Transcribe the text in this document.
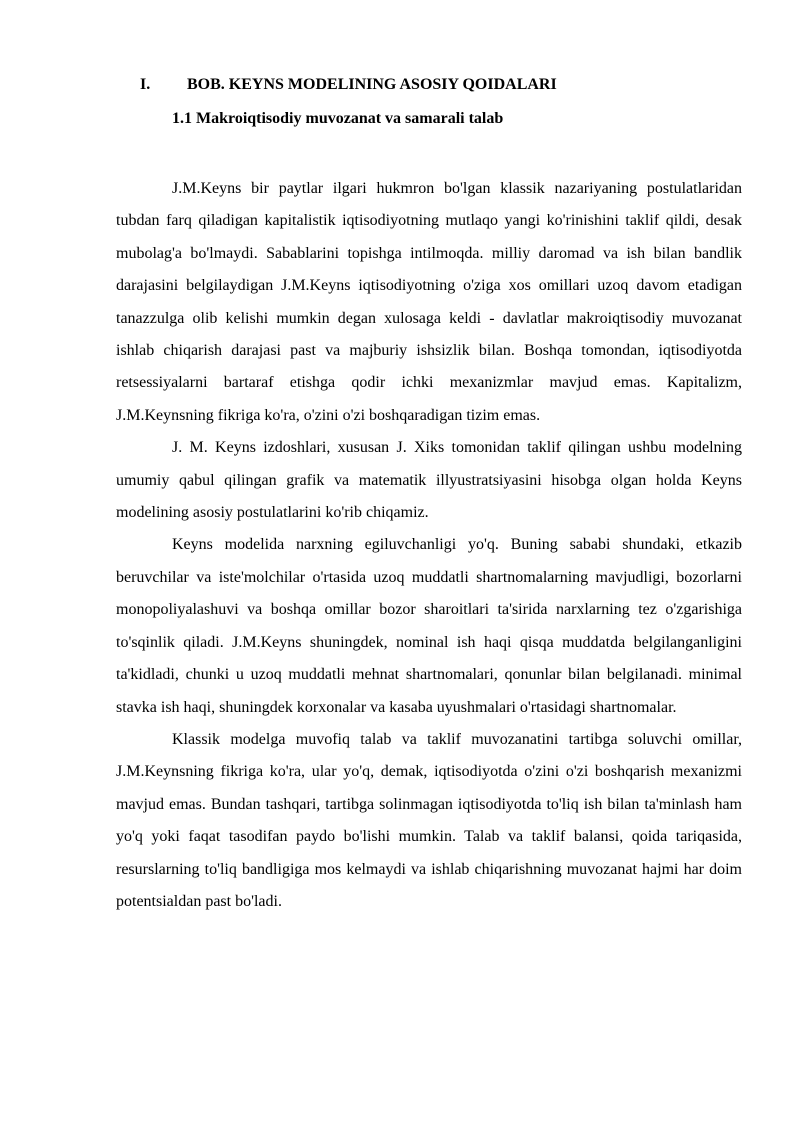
I. BOB. KEYNS MODELINING ASOSIY QOIDALARI
1.1 Makroiqtisodiy muvozanat va samarali talab

J.M.Keyns bir paytlar ilgari hukmron bo'lgan klassik nazariyaning postulatlaridan tubdan farq qiladigan kapitalistik iqtisodiyotning mutlaqo yangi ko'rinishini taklif qildi, desak mubolag'a bo'lmaydi. Sabablarini topishga intilmoqda. milliy daromad va ish bilan bandlik darajasini belgilaydigan J.M.Keyns iqtisodiyotning o'ziga xos omillari uzoq davom etadigan tanazzulga olib kelishi mumkin degan xulosaga keldi - davlatlar makroiqtisodiy muvozanat ishlab chiqarish darajasi past va majburiy ishsizlik bilan. Boshqa tomondan, iqtisodiyotda retsessiyalarni bartaraf etishga qodir ichki mexanizmlar mavjud emas. Kapitalizm, J.M.Keynsning fikriga ko'ra, o'zini o'zi boshqaradigan tizim emas.

J. M. Keyns izdoshlari, xususan J. Xiks tomonidan taklif qilingan ushbu modelning umumiy qabul qilingan grafik va matematik illyustratsiyasini hisobga olgan holda Keyns modelining asosiy postulatlarini ko'rib chiqamiz.

Keyns modelida narxning egiluvchanligi yo'q. Buning sababi shundaki, etkazib beruvchilar va iste'molchilar o'rtasida uzoq muddatli shartnomalarning mavjudligi, bozorlarni monopoliyalashuvi va boshqa omillar bozor sharoitlari ta'sirida narxlarning tez o'zgarishiga to'sqinlik qiladi. J.M.Keyns shuningdek, nominal ish haqi qisqa muddatda belgilanganligini ta'kidladi, chunki u uzoq muddatli mehnat shartnomalari, qonunlar bilan belgilanadi. minimal stavka ish haqi, shuningdek korxonalar va kasaba uyushmalari o'rtasidagi shartnomalar.

Klassik modelga muvofiq talab va taklif muvozanatini tartibga soluvchi omillar, J.M.Keynsning fikriga ko'ra, ular yo'q, demak, iqtisodiyotda o'zini o'zi boshqarish mexanizmi mavjud emas. Bundan tashqari, tartibga solinmagan iqtisodiyotda to'liq ish bilan ta'minlash ham yo'q yoki faqat tasodifan paydo bo'lishi mumkin. Talab va taklif balansi, qoida tariqasida, resurslarning to'liq bandligiga mos kelmaydi va ishlab chiqarishning muvozanat hajmi har doim potentsialdan past bo'ladi.
